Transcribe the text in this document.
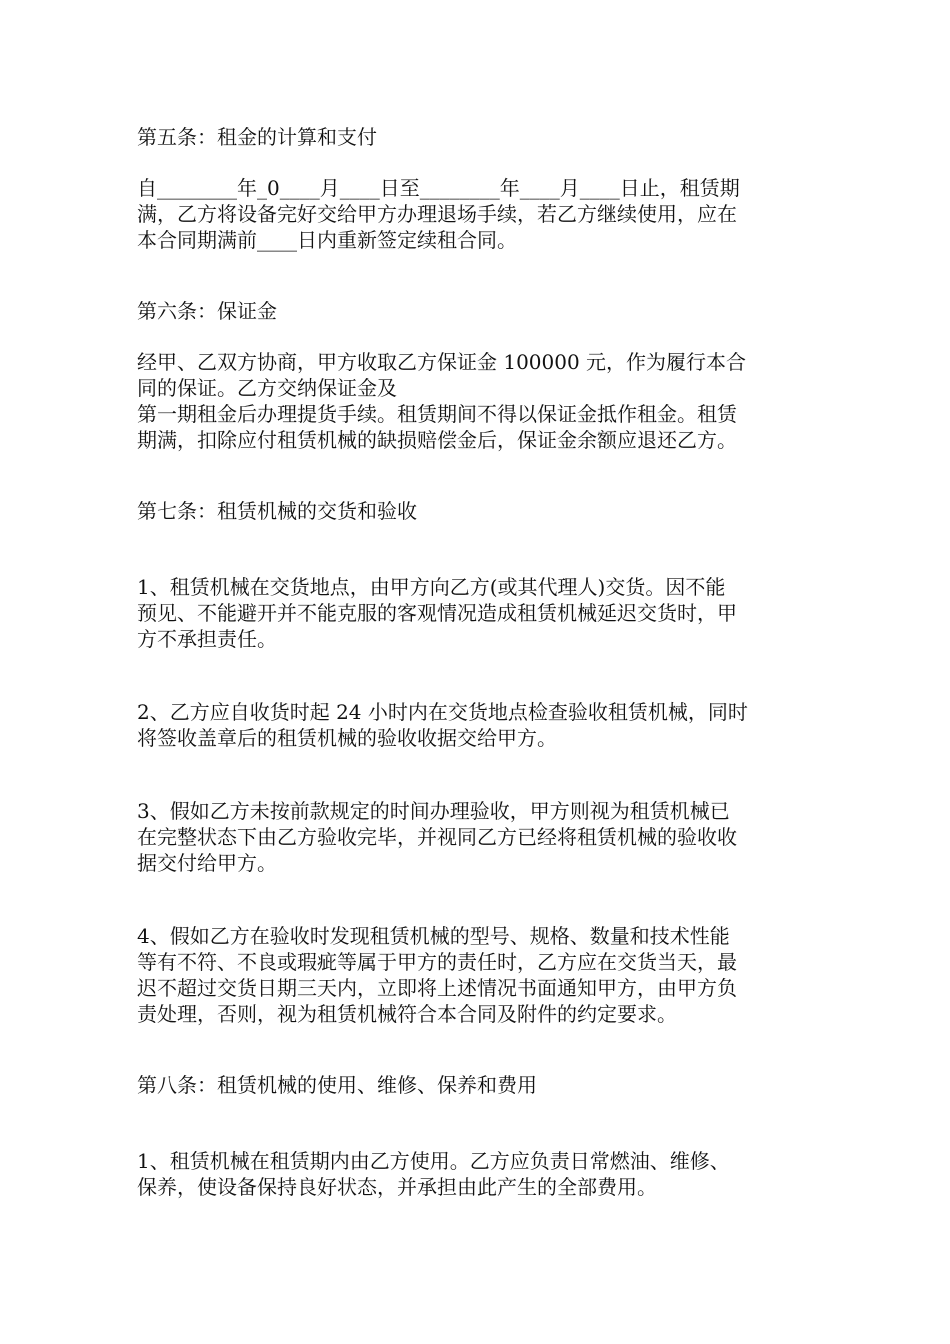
第五条：租金的计算和支付
自________年_0____月____日至________年____月____日止，租赁期
满，乙方将设备完好交给甲方办理退场手续，若乙方继续使用，应在
本合同期满前____日内重新签定续租合同。
第六条：保证金
经甲、乙双方协商，甲方收取乙方保证金 100000 元，作为履行本合
同的保证。乙方交纳保证金及
第一期租金后办理提货手续。租赁期间不得以保证金抵作租金。租赁
期满，扣除应付租赁机械的缺损赔偿金后，保证金余额应退还乙方。
第七条：租赁机械的交货和验收
1、租赁机械在交货地点，由甲方向乙方(或其代理人)交货。因不能
预见、不能避开并不能克服的客观情况造成租赁机械延迟交货时，甲
方不承担责任。
2、乙方应自收货时起 24 小时内在交货地点检查验收租赁机械，同时
将签收盖章后的租赁机械的验收收据交给甲方。
3、假如乙方未按前款规定的时间办理验收，甲方则视为租赁机械已
在完整状态下由乙方验收完毕，并视同乙方已经将租赁机械的验收收
据交付给甲方。
4、假如乙方在验收时发现租赁机械的型号、规格、数量和技术性能
等有不符、不良或瑕疵等属于甲方的责任时，乙方应在交货当天，最
迟不超过交货日期三天内，立即将上述情况书面通知甲方，由甲方负
责处理，否则，视为租赁机械符合本合同及附件的约定要求。
第八条：租赁机械的使用、维修、保养和费用
1、租赁机械在租赁期内由乙方使用。乙方应负责日常燃油、维修、
保养，使设备保持良好状态，并承担由此产生的全部费用。
